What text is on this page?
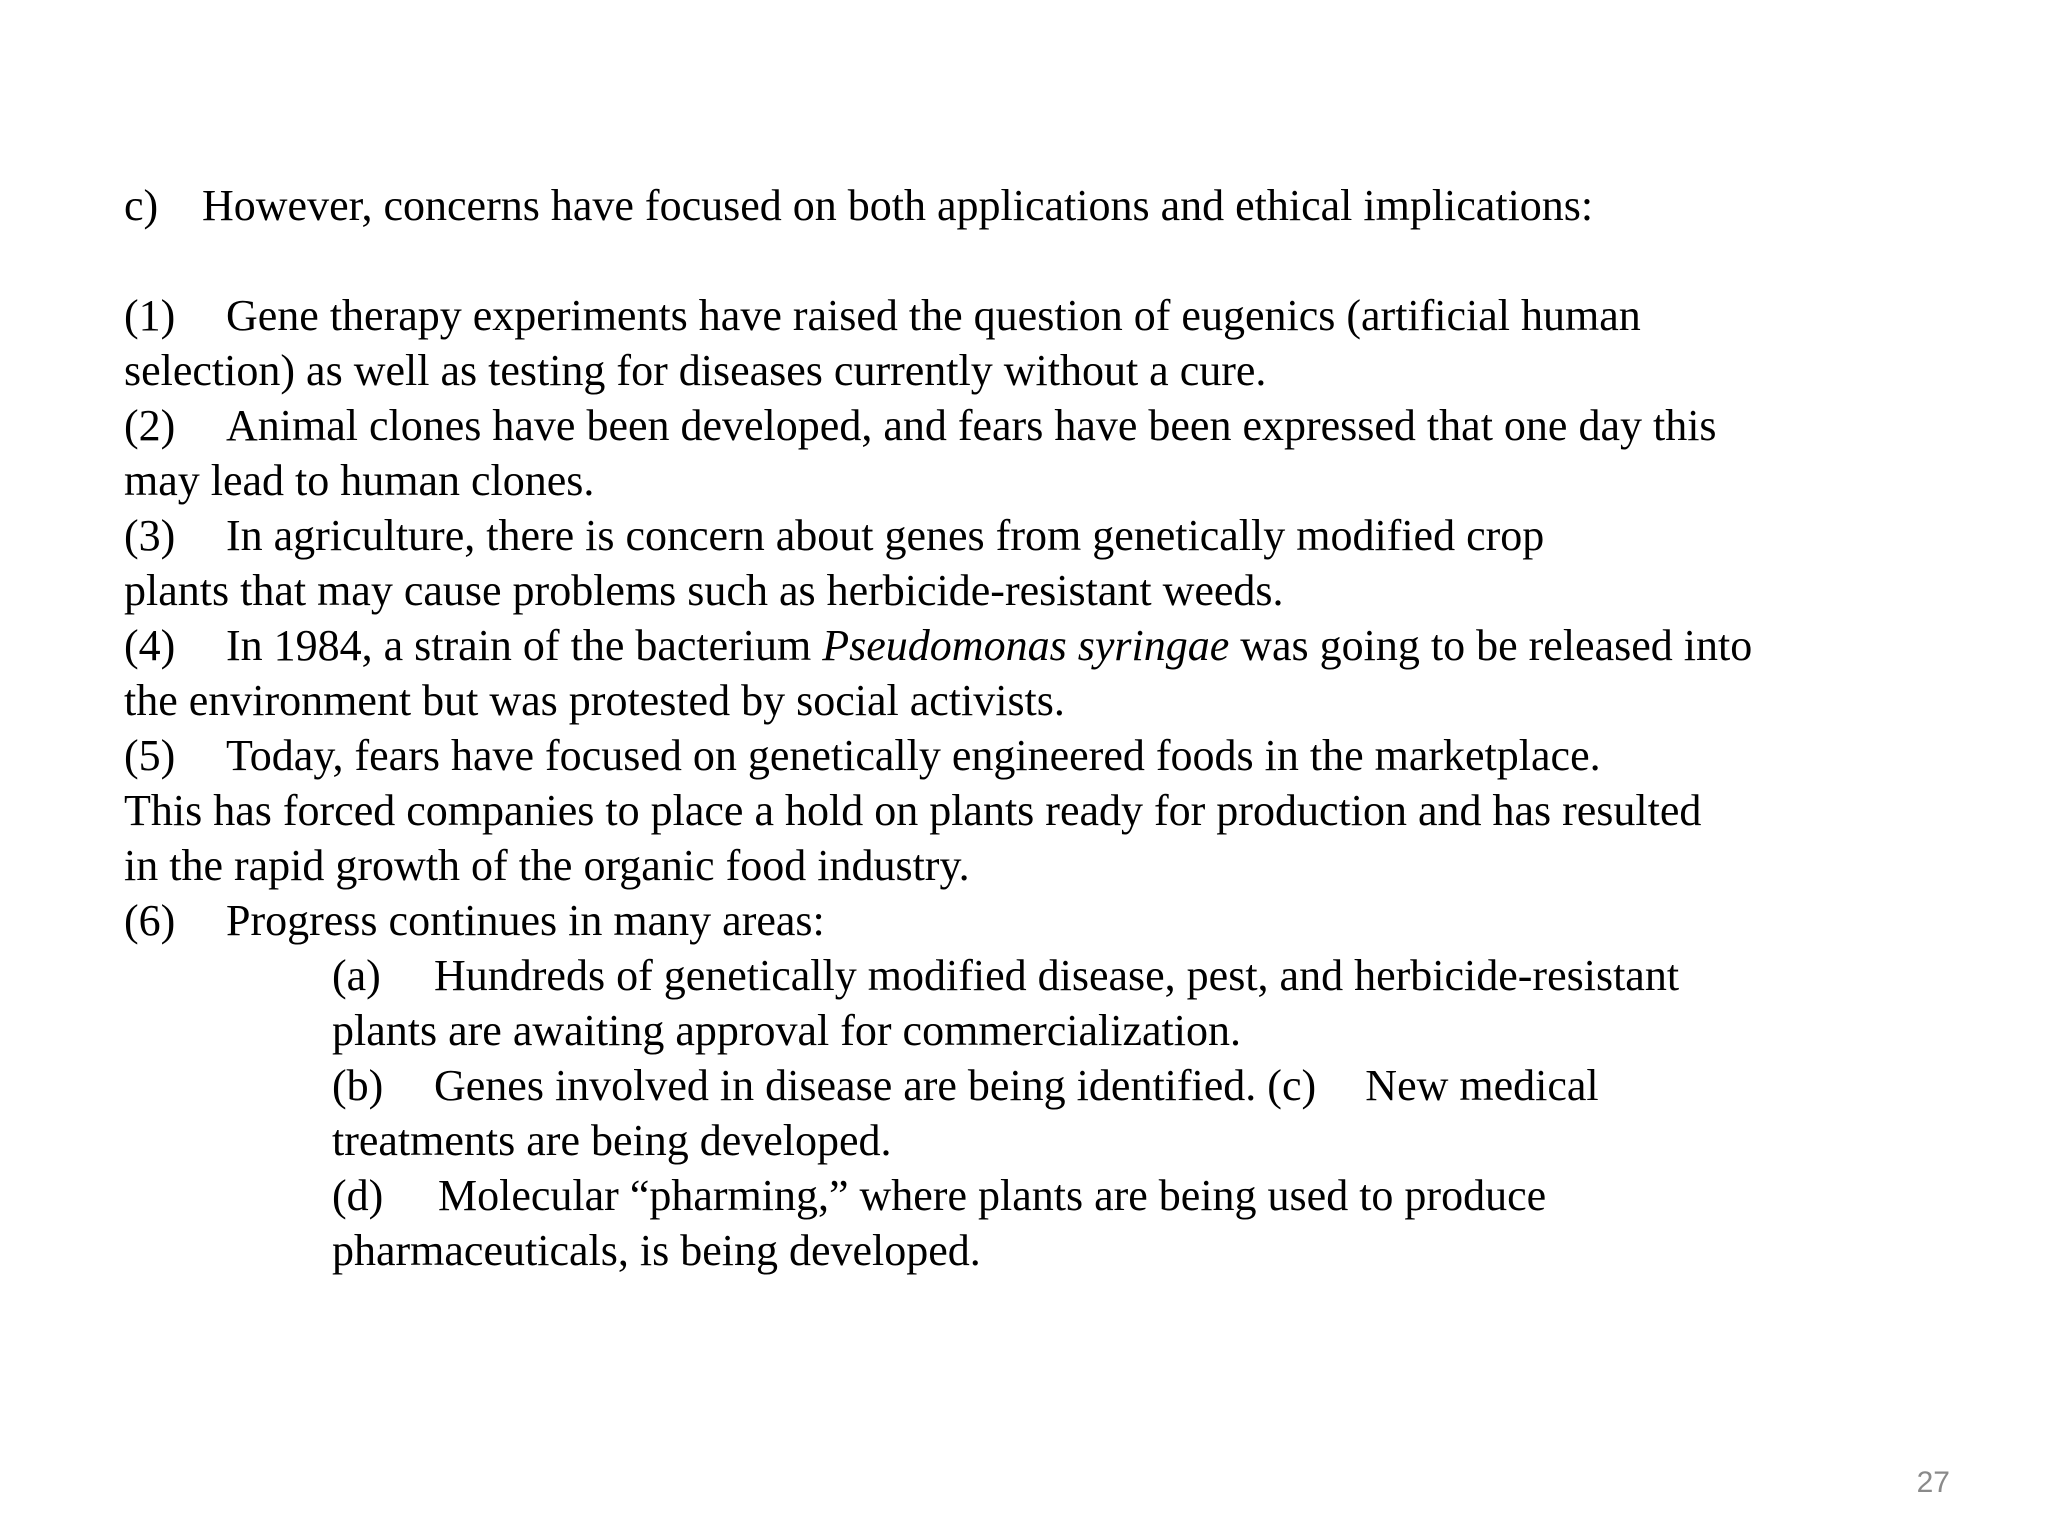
c) However, concerns have focused on both applications and ethical implications:
(1) Gene therapy experiments have raised the question of eugenics (artificial human
selection) as well as testing for diseases currently without a cure.
(2) Animal clones have been developed, and fears have been expressed that one day this
may lead to human clones.
(3) In agriculture, there is concern about genes from genetically modified crop
plants that may cause problems such as herbicide-resistant weeds.
(4) In 1984, a strain of the bacterium Pseudomonas syringae was going to be released into
the environment but was protested by social activists.
(5) Today, fears have focused on genetically engineered foods in the marketplace.
This has forced companies to place a hold on plants ready for production and has resulted
in the rapid growth of the organic food industry.
(6) Progress continues in many areas:
(a) Hundreds of genetically modified disease, pest, and herbicide-resistant
plants are awaiting approval for commercialization.
(b) Genes involved in disease are being identified. (c) New medical
treatments are being developed.
(d) Molecular “pharming,” where plants are being used to produce
pharmaceuticals, is being developed.
27
